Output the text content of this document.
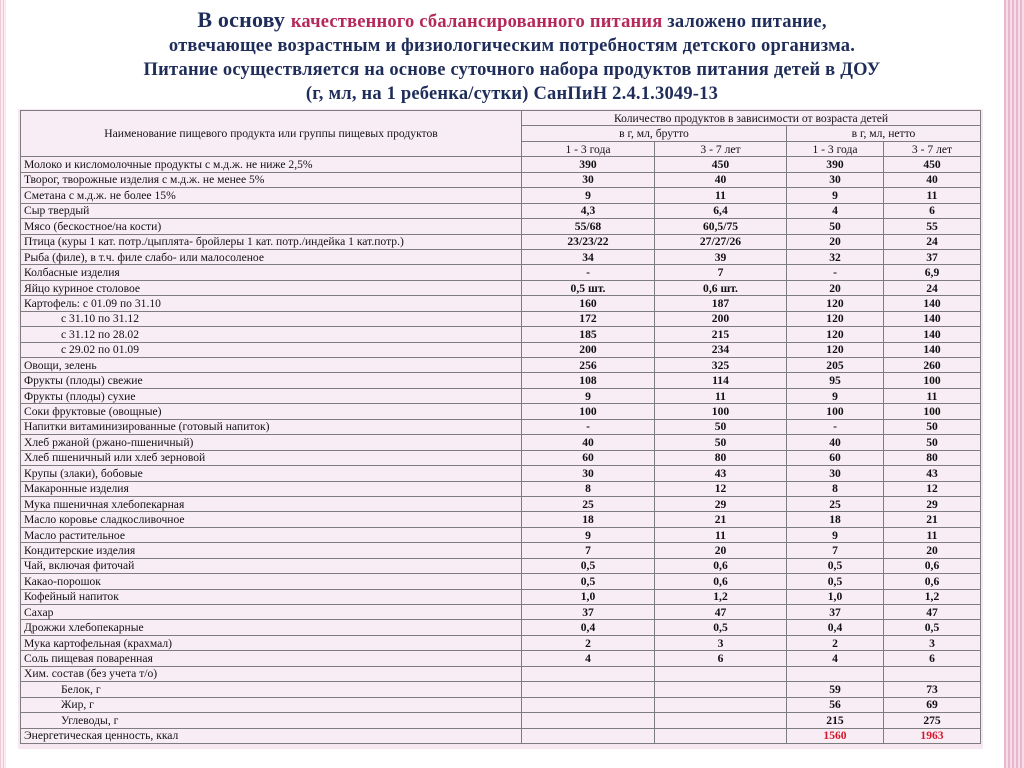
В основу качественного сбалансированного питания заложено питание,
отвечающее возрастным и физиологическим потребностям детского организма.
Питание осуществляется на основе суточного набора продуктов питания детей в ДОУ
(г, мл, на 1 ребенка/сутки) СанПиН 2.4.1.3049-13
Наименование пищевого продукта или группы пищевых продуктов	Количество продуктов в зависимости от возраста детей			
	в г, мл, брутто		в г, мл, нетто	
	1 - 3 года	3 - 7 лет	1 - 3 года	3 - 7 лет
Молоко и кисломолочные продукты с м.д.ж. не ниже 2,5%	390	450	390	450
Творог, творожные изделия с м.д.ж. не менее 5%	30	40	30	40
Сметана с м.д.ж. не более 15%	9	11	9	11
Сыр твердый	4,3	6,4	4	6
Мясо (бескостное/на кости)	55/68	60,5/75	50	55
Птица (куры 1 кат. потр./цыплята- бройлеры 1 кат. потр./индейка 1 кат.потр.)	23/23/22	27/27/26	20	24
Рыба (филе), в т.ч. филе слабо- или малосоленое	34	39	32	37
Колбасные изделия	-	7	-	6,9
Яйцо куриное столовое	0,5 шт.	0,6 шт.	20	24
Картофель: с 01.09 по 31.10	160	187	120	140
с 31.10 по 31.12	172	200	120	140
с 31.12 по 28.02	185	215	120	140
с 29.02 по 01.09	200	234	120	140
Овощи, зелень	256	325	205	260
Фрукты (плоды) свежие	108	114	95	100
Фрукты (плоды) сухие	9	11	9	11
Соки фруктовые (овощные)	100	100	100	100
Напитки витаминизированные (готовый напиток)	-	50	-	50
Хлеб ржаной (ржано-пшеничный)	40	50	40	50
Хлеб пшеничный или хлеб зерновой	60	80	60	80
Крупы (злаки), бобовые	30	43	30	43
Макаронные изделия	8	12	8	12
Мука пшеничная хлебопекарная	25	29	25	29
Масло коровье сладкосливочное	18	21	18	21
Масло растительное	9	11	9	11
Кондитерские изделия	7	20	7	20
Чай, включая фиточай	0,5	0,6	0,5	0,6
Какао-порошок	0,5	0,6	0,5	0,6
Кофейный напиток	1,0	1,2	1,0	1,2
Сахар	37	47	37	47
Дрожжи хлебопекарные	0,4	0,5	0,4	0,5
Мука картофельная (крахмал)	2	3	2	3
Соль пищевая поваренная	4	6	4	6
Хим. состав (без учета т/о)				
Белок, г			59	73
Жир, г			56	69
Углеводы, г			215	275
Энергетическая ценность, ккал			1560	1963
